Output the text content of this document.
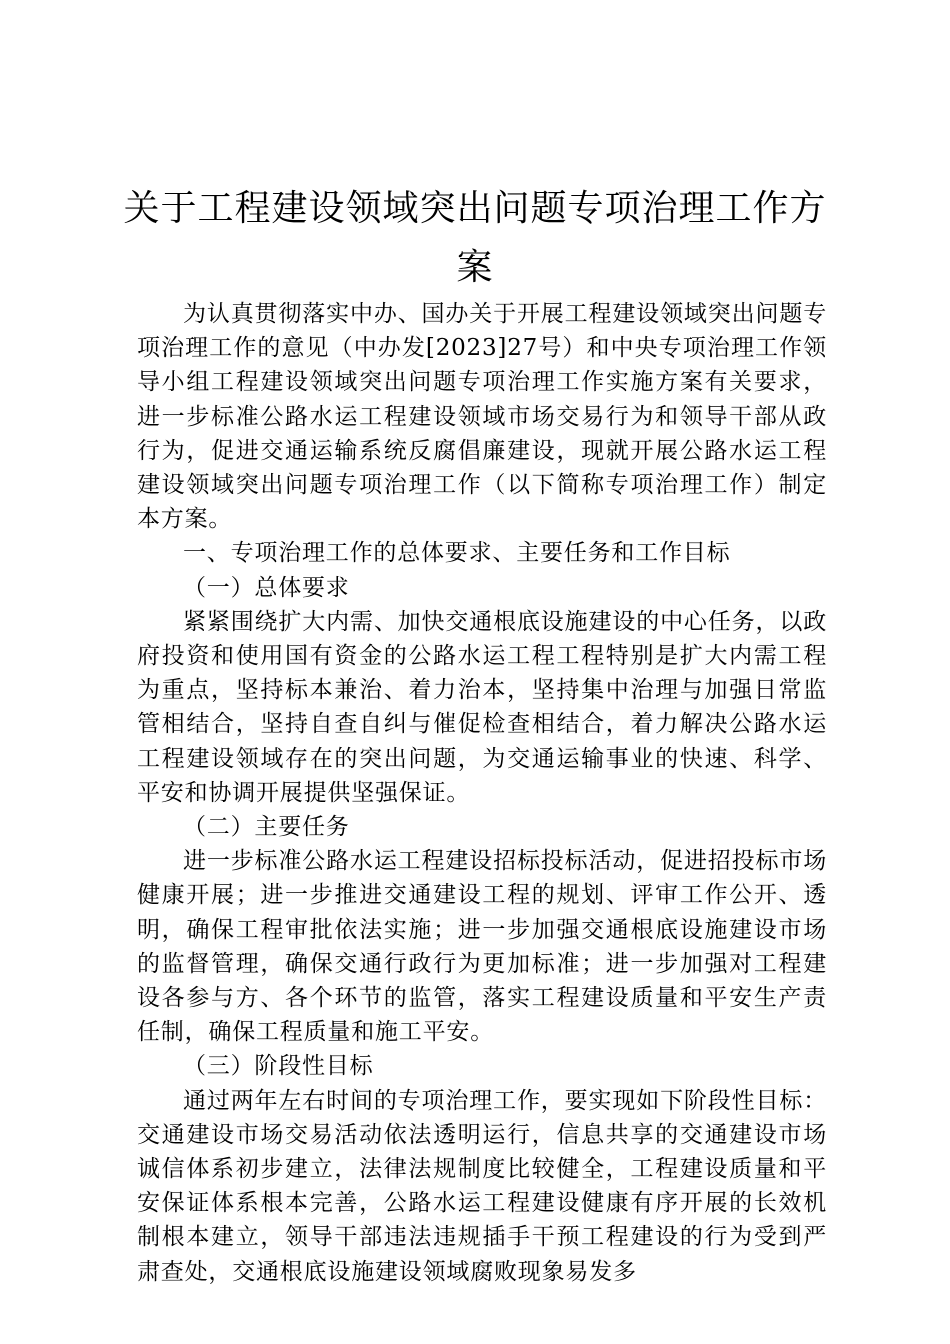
关于工程建设领域突出问题专项治理工作方
案

为认真贯彻落实中办、国办关于开展工程建设领域突出问题专项治理工作的意见（中办发[2023]27号）和中央专项治理工作领导小组工程建设领域突出问题专项治理工作实施方案有关要求，进一步标准公路水运工程建设领域市场交易行为和领导干部从政行为，促进交通运输系统反腐倡廉建设，现就开展公路水运工程建设领域突出问题专项治理工作（以下简称专项治理工作）制定本方案。

一、专项治理工作的总体要求、主要任务和工作目标

（一）总体要求

紧紧围绕扩大内需、加快交通根底设施建设的中心任务，以政府投资和使用国有资金的公路水运工程工程特别是扩大内需工程为重点，坚持标本兼治、着力治本，坚持集中治理与加强日常监管相结合，坚持自查自纠与催促检查相结合，着力解决公路水运工程建设领域存在的突出问题，为交通运输事业的快速、科学、平安和协调开展提供坚强保证。

（二）主要任务

进一步标准公路水运工程建设招标投标活动，促进招投标市场健康开展；进一步推进交通建设工程的规划、评审工作公开、透明，确保工程审批依法实施；进一步加强交通根底设施建设市场的监督管理，确保交通行政行为更加标准；进一步加强对工程建设各参与方、各个环节的监管，落实工程建设质量和平安生产责任制，确保工程质量和施工平安。

（三）阶段性目标

通过两年左右时间的专项治理工作，要实现如下阶段性目标：交通建设市场交易活动依法透明运行，信息共享的交通建设市场诚信体系初步建立，法律法规制度比较健全，工程建设质量和平安保证体系根本完善，公路水运工程建设健康有序开展的长效机制根本建立，领导干部违法违规插手干预工程建设的行为受到严肃查处，交通根底设施建设领域腐败现象易发多
